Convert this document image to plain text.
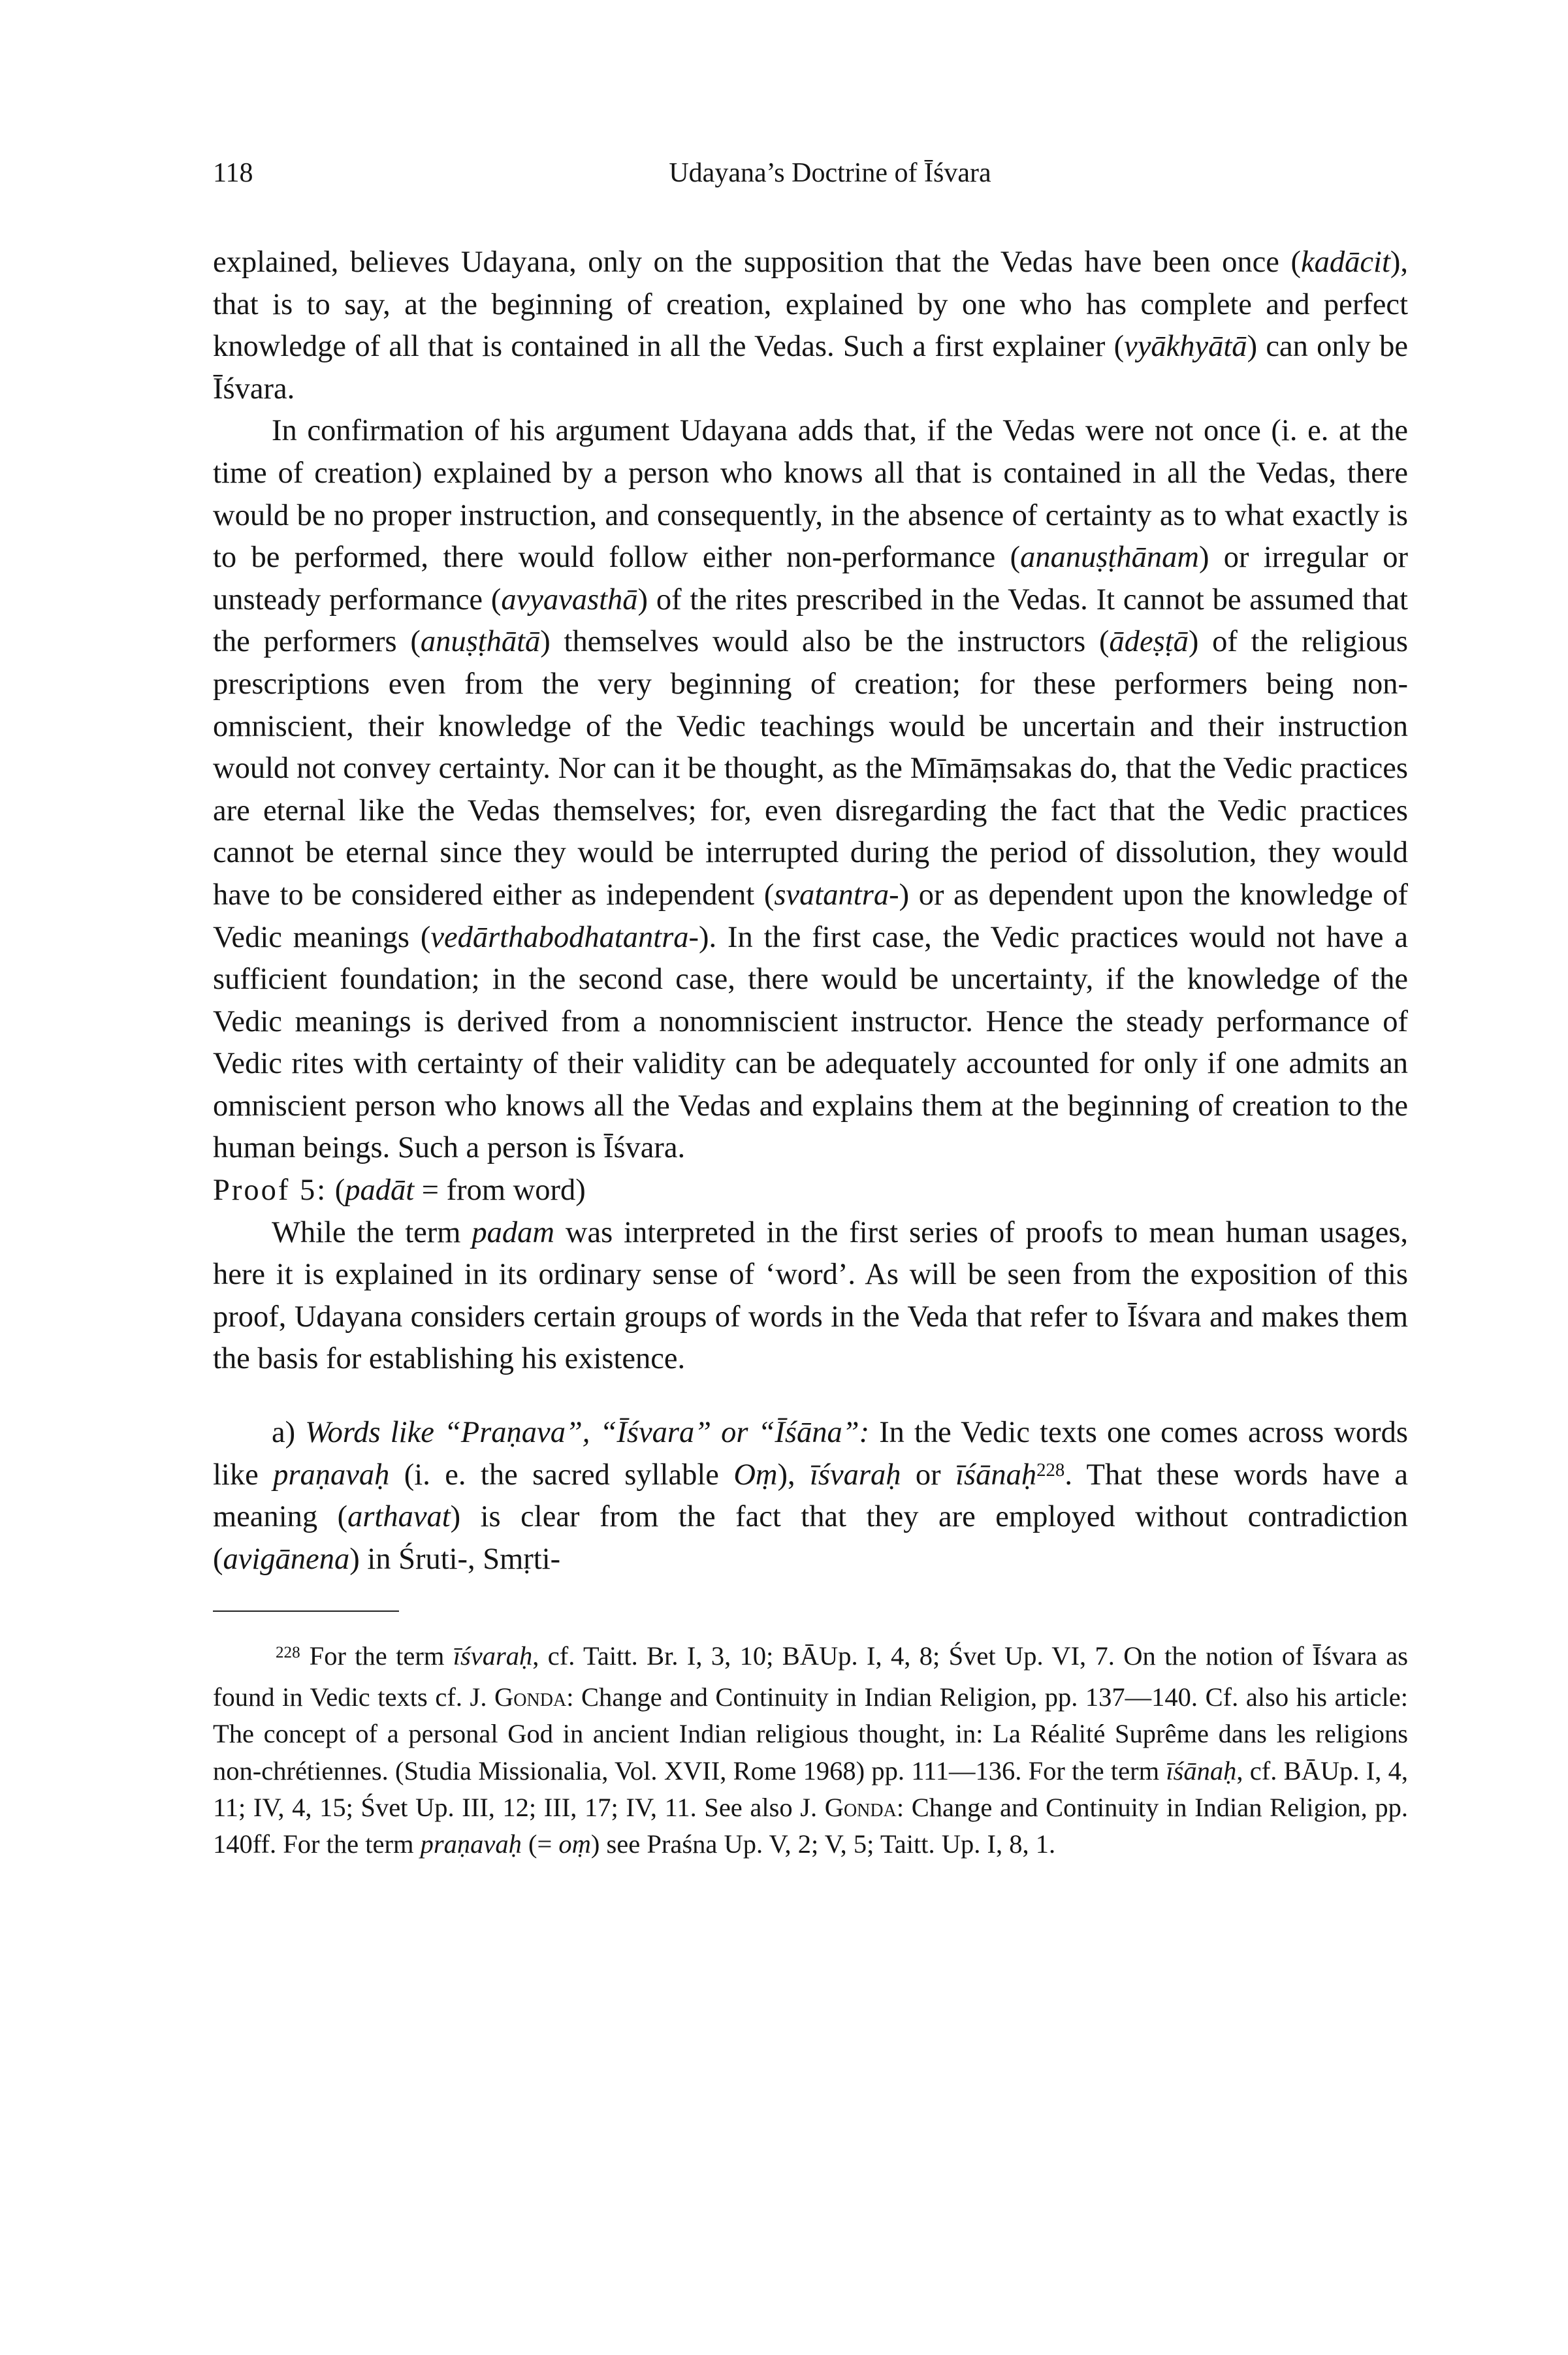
118	Udayana’s Doctrine of Īśvara

explained, believes Udayana, only on the supposition that the Vedas have been once (kadācit), that is to say, at the beginning of creation, explained by one who has complete and perfect knowledge of all that is contained in all the Vedas. Such a first explainer (vyākhyātā) can only be Īśvara.

In confirmation of his argument Udayana adds that, if the Vedas were not once (i. e. at the time of creation) explained by a person who knows all that is contained in all the Vedas, there would be no proper instruction, and consequently, in the absence of certainty as to what exactly is to be performed, there would follow either non-performance (ananuṣṭhānam) or irregular or unsteady performance (avyavasthā) of the rites prescribed in the Vedas. It cannot be assumed that the performers (anuṣṭhātā) themselves would also be the instructors (ādeṣṭā) of the religious prescriptions even from the very beginning of creation; for these performers being non-omniscient, their knowledge of the Vedic teachings would be uncertain and their instruction would not convey certainty. Nor can it be thought, as the Mīmāṃsakas do, that the Vedic practices are eternal like the Vedas themselves; for, even disregarding the fact that the Vedic practices cannot be eternal since they would be interrupted during the period of dissolution, they would have to be considered either as independent (svatantra-) or as dependent upon the knowledge of Vedic meanings (vedārthabodhatantra-). In the first case, the Vedic practices would not have a sufficient foundation; in the second case, there would be uncertainty, if the knowledge of the Vedic meanings is derived from a nonomniscient instructor. Hence the steady performance of Vedic rites with certainty of their validity can be adequately accounted for only if one admits an omniscient person who knows all the Vedas and explains them at the beginning of creation to the human beings. Such a person is Īśvara.

Proof 5: (padāt = from word)

While the term padam was interpreted in the first series of proofs to mean human usages, here it is explained in its ordinary sense of ‘word’. As will be seen from the exposition of this proof, Udayana considers certain groups of words in the Veda that refer to Īśvara and makes them the basis for establishing his existence.

a) Words like “Praṇava”, “Īśvara” or “Īśāna”: In the Vedic texts one comes across words like praṇavaḥ (i. e. the sacred syllable Oṃ), īśvaraḥ or īśānaḥ$^{228}$. That these words have a meaning (arthavat) is clear from the fact that they are employed without contradiction (avigānena) in Śruti-, Smṛti-

$^{228}$ For the term īśvaraḥ, cf. Taitt. Br. I, 3, 10; BĀUp. I, 4, 8; Śvet Up. VI, 7. On the notion of Īśvara as found in Vedic texts cf. J. Gonda: Change and Continuity in Indian Religion, pp. 137—140. Cf. also his article: The concept of a personal God in ancient Indian religious thought, in: La Réalité Suprême dans les religions non-chrétiennes. (Studia Missionalia, Vol. XVII, Rome 1968) pp. 111—136. For the term īśānaḥ, cf. BĀUp. I, 4, 11; IV, 4, 15; Śvet Up. III, 12; III, 17; IV, 11. See also J. Gonda: Change and Continuity in Indian Religion, pp. 140ff. For the term praṇavaḥ (= oṃ) see Praśna Up. V, 2; V, 5; Taitt. Up. I, 8, 1.
